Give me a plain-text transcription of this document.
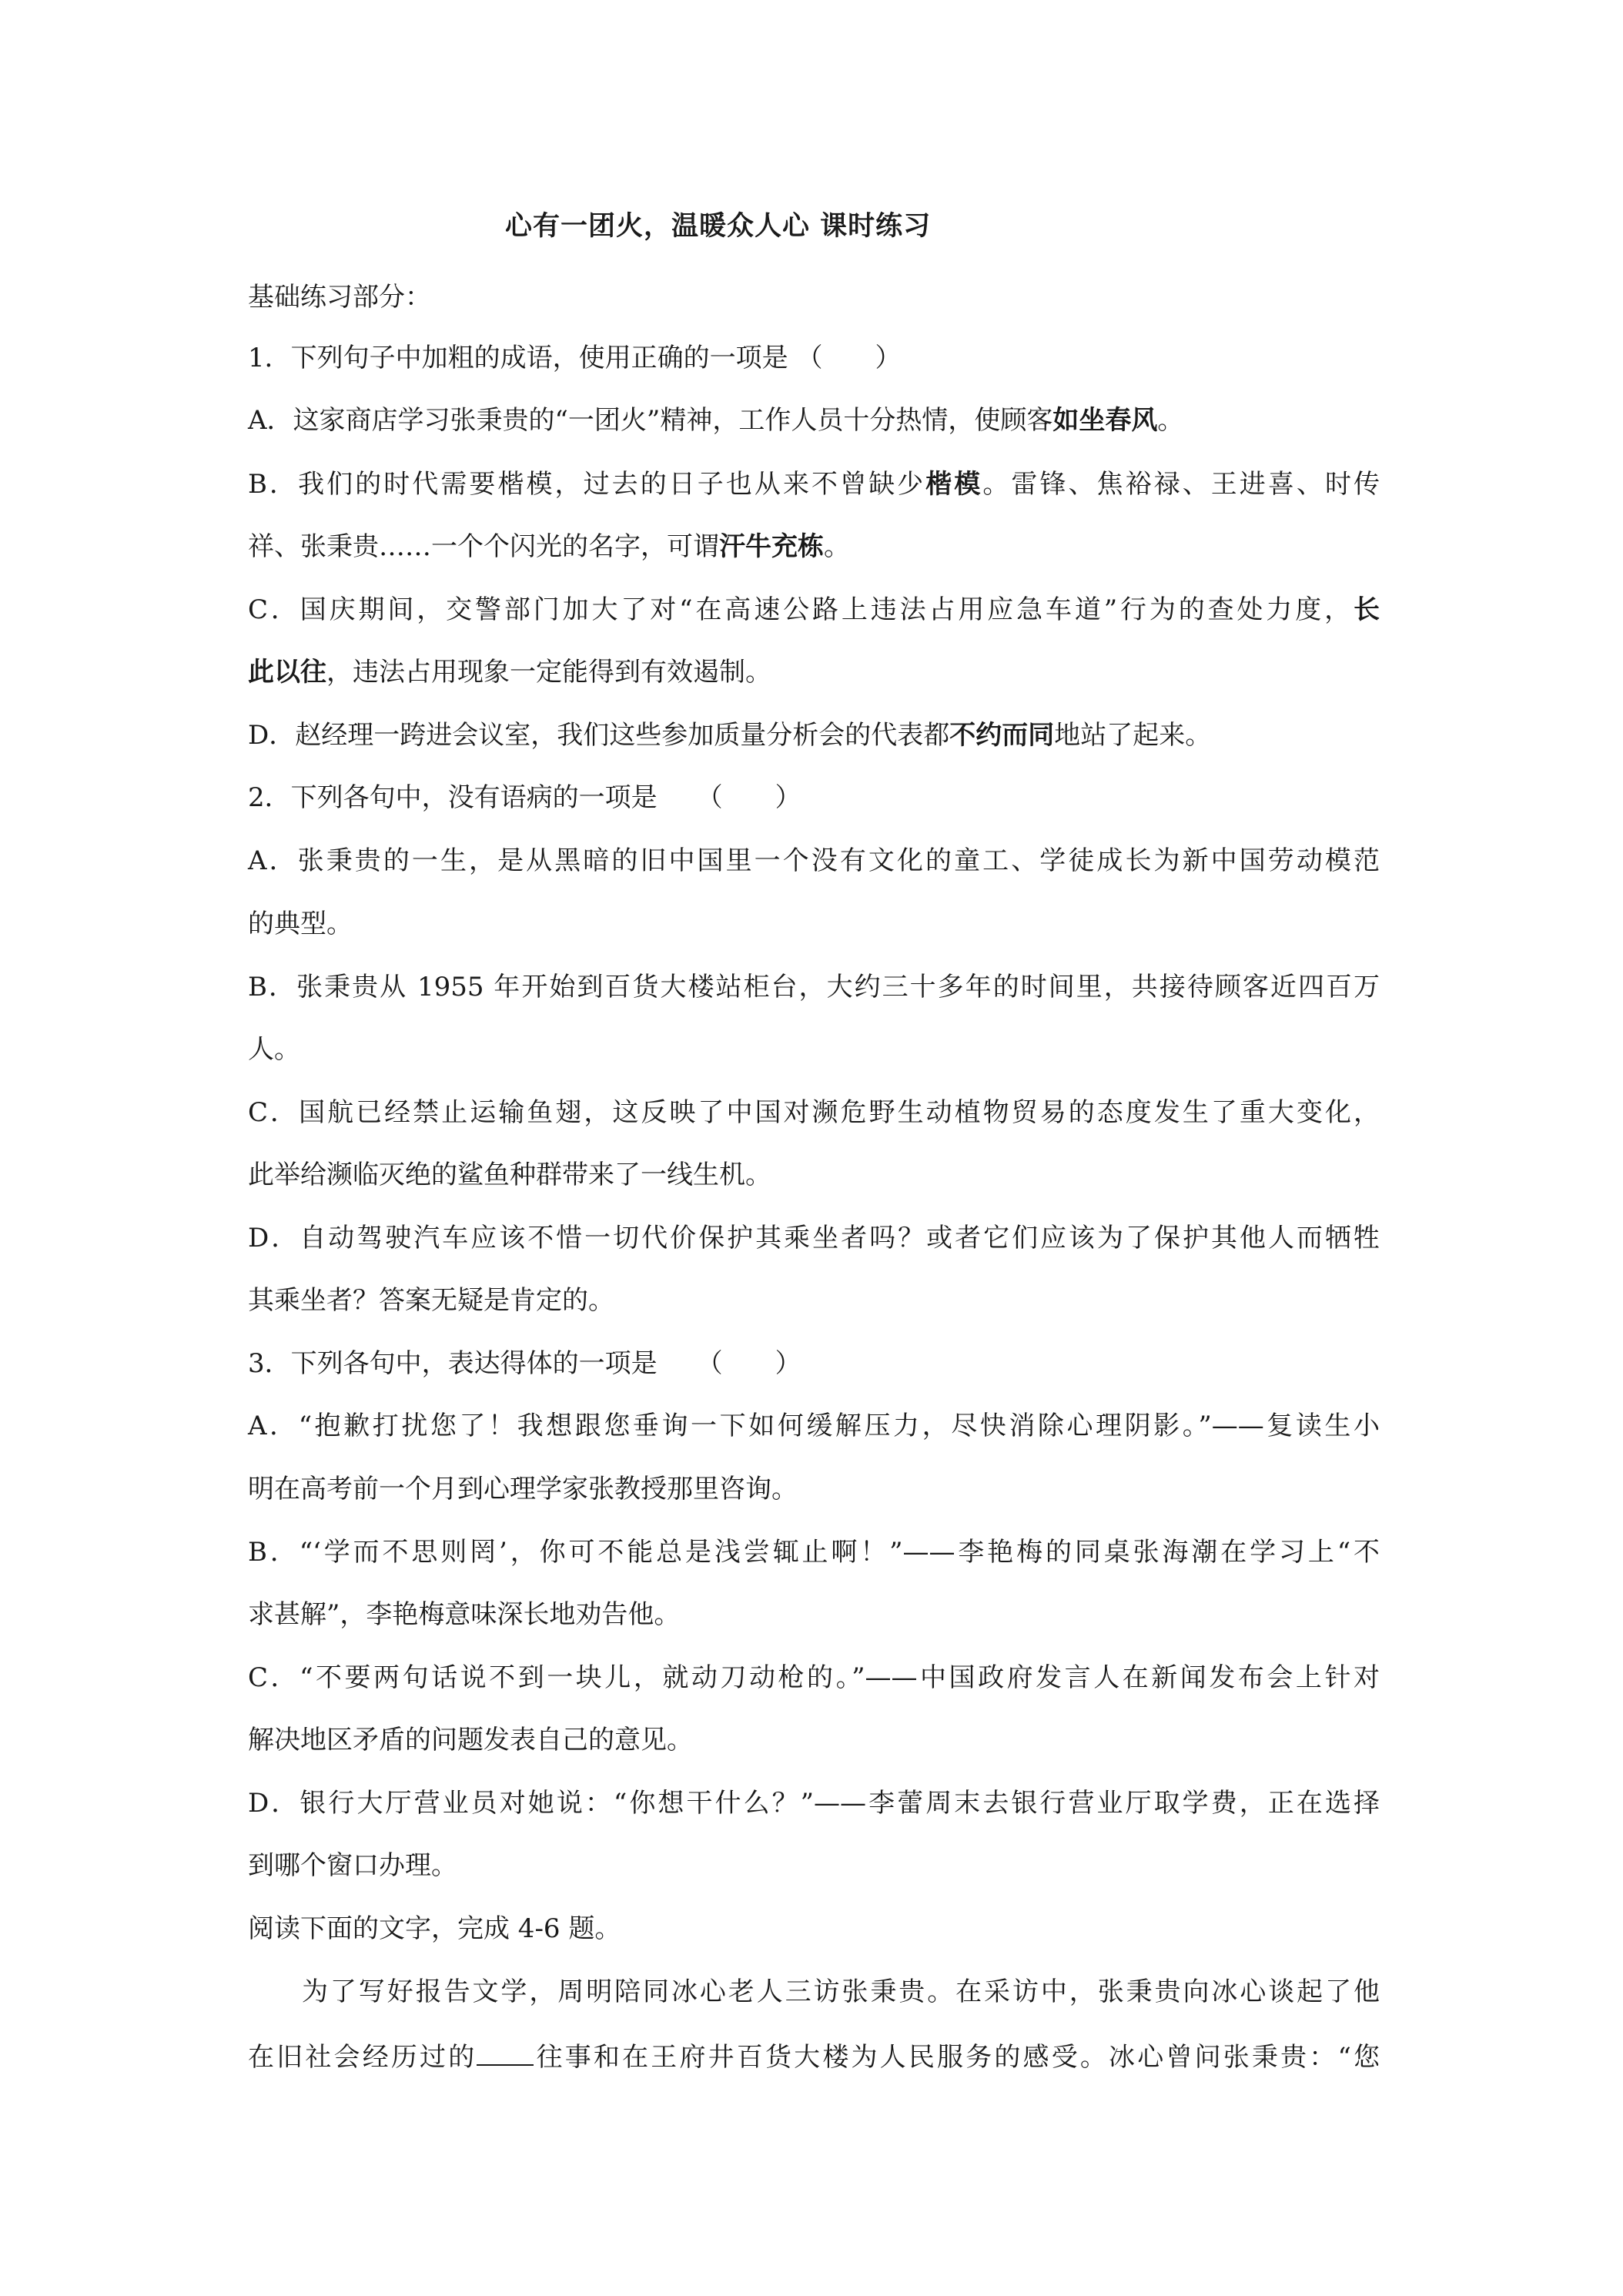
心有一团火，温暖众人心 课时练习
基础练习部分：
1．下列句子中加粗的成语，使用正确的一项是 （　　）
A．这家商店学习张秉贵的“一团火”精神，工作人员十分热情，使顾客如坐春风。
B．我们的时代需要楷模，过去的日子也从来不曾缺少楷模。雷锋、焦裕禄、王进喜、时传
祥、张秉贵……一个个闪光的名字，可谓汗牛充栋。
C．国庆期间，交警部门加大了对“在高速公路上违法占用应急车道”行为的查处力度，长
此以往，违法占用现象一定能得到有效遏制。
D．赵经理一跨进会议室，我们这些参加质量分析会的代表都不约而同地站了起来。
2．下列各句中，没有语病的一项是　　（　　）
A．张秉贵的一生，是从黑暗的旧中国里一个没有文化的童工、学徒成长为新中国劳动模范
的典型。
B．张秉贵从 1955 年开始到百货大楼站柜台，大约三十多年的时间里，共接待顾客近四百万
人。
C．国航已经禁止运输鱼翅，这反映了中国对濒危野生动植物贸易的态度发生了重大变化，
此举给濒临灭绝的鲨鱼种群带来了一线生机。
D．自动驾驶汽车应该不惜一切代价保护其乘坐者吗？或者它们应该为了保护其他人而牺牲
其乘坐者？答案无疑是肯定的。
3．下列各句中，表达得体的一项是　　（　　）
A．“抱歉打扰您了！我想跟您垂询一下如何缓解压力，尽快消除心理阴影。”——复读生小
明在高考前一个月到心理学家张教授那里咨询。
B．“‘学而不思则罔’，你可不能总是浅尝辄止啊！”——李艳梅的同桌张海潮在学习上“不
求甚解”，李艳梅意味深长地劝告他。
C．“不要两句话说不到一块儿，就动刀动枪的。”——中国政府发言人在新闻发布会上针对
解决地区矛盾的问题发表自己的意见。
D．银行大厅营业员对她说：“你想干什么？”——李蕾周末去银行营业厅取学费，正在选择
到哪个窗口办理。
阅读下面的文字，完成 4-6 题。
为了写好报告文学，周明陪同冰心老人三访张秉贵。在采访中，张秉贵向冰心谈起了他
在旧社会经历过的 往事和在王府井百货大楼为人民服务的感受。冰心曾问张秉贵：“您
